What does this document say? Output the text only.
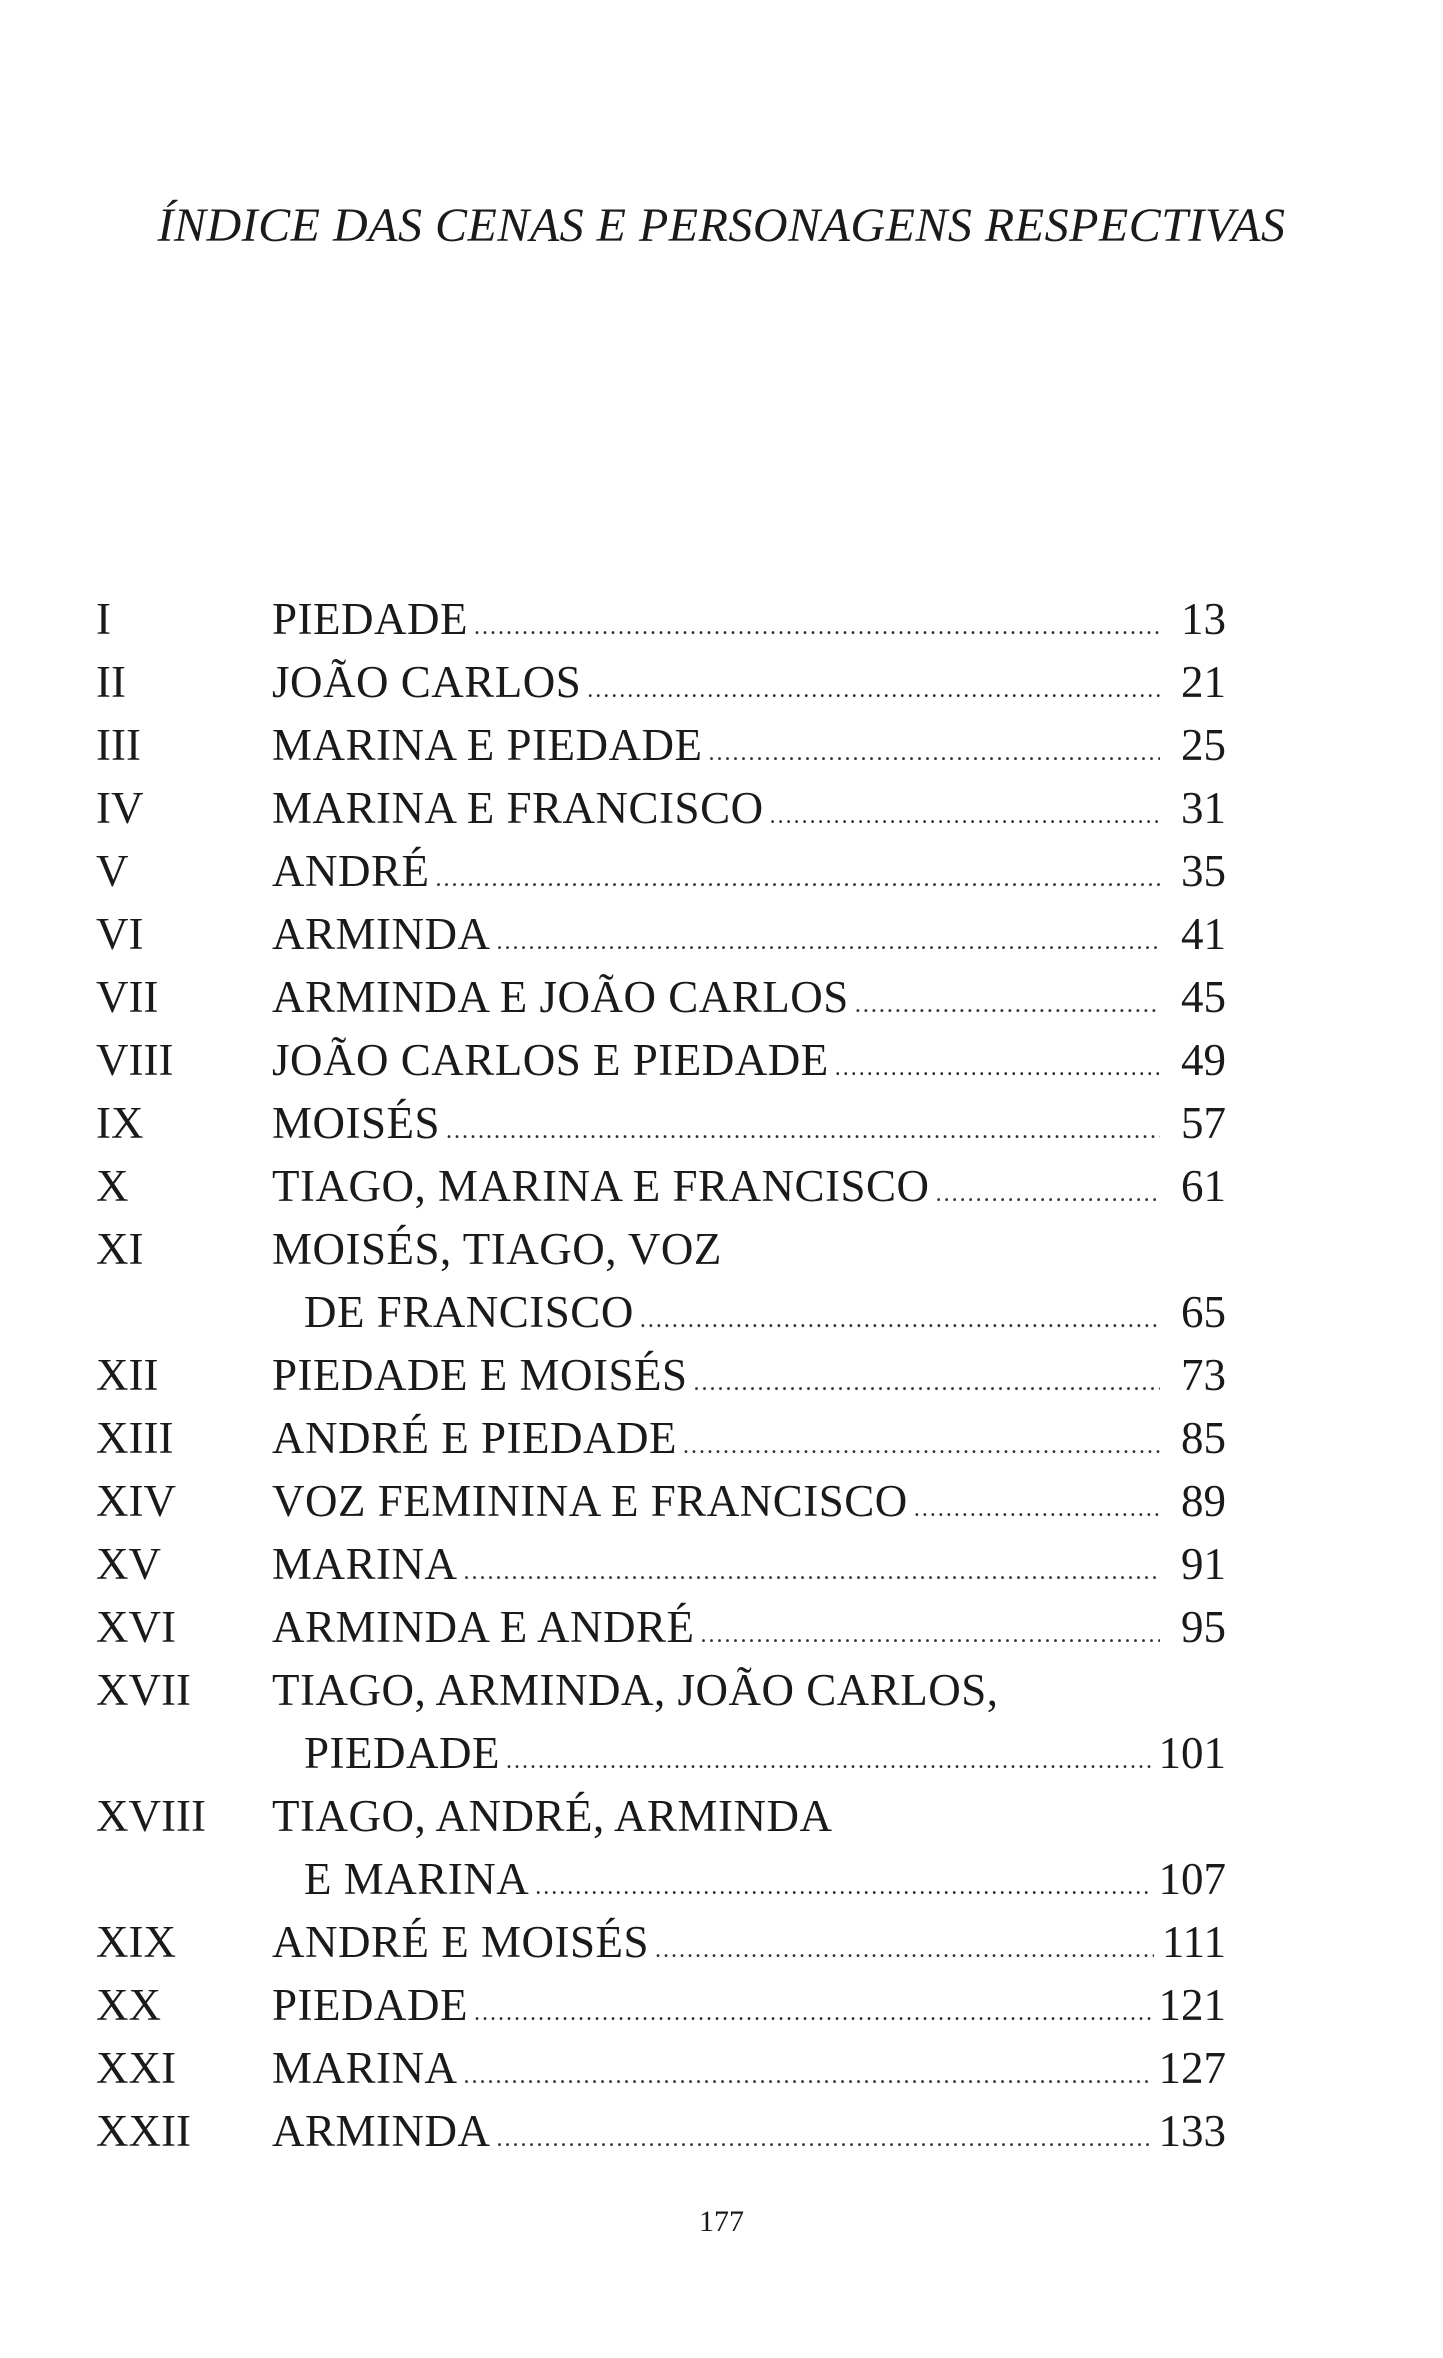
ÍNDICE DAS CENAS E PERSONAGENS RESPECTIVAS
I	PIEDADE .....	13
II	JOÃO CARLOS .....	21
III	MARINA E PIEDADE .....	25
IV	MARINA E FRANCISCO .....	31
V	ANDRÉ .....	35
VI	ARMINDA .....	41
VII	ARMINDA E JOÃO CARLOS .....	45
VIII	JOÃO CARLOS E PIEDADE .....	49
IX	MOISÉS .....	57
X	TIAGO, MARINA E FRANCISCO .....	61
XI	MOISÉS, TIAGO, VOZ
DE FRANCISCO .....	65
XII	PIEDADE E MOISÉS .....	73
XIII	ANDRÉ E PIEDADE .....	85
XIV	VOZ FEMININA E FRANCISCO .....	89
XV	MARINA .....	91
XVI	ARMINDA E ANDRÉ .....	95
XVII	TIAGO, ARMINDA, JOÃO CARLOS,
PIEDADE .....	101
XVIII	TIAGO, ANDRÉ, ARMINDA
E MARINA .....	107
XIX	ANDRÉ E MOISÉS .....	111
XX	PIEDADE .....	121
XXI	MARINA .....	127
XXII	ARMINDA .....	133
177
